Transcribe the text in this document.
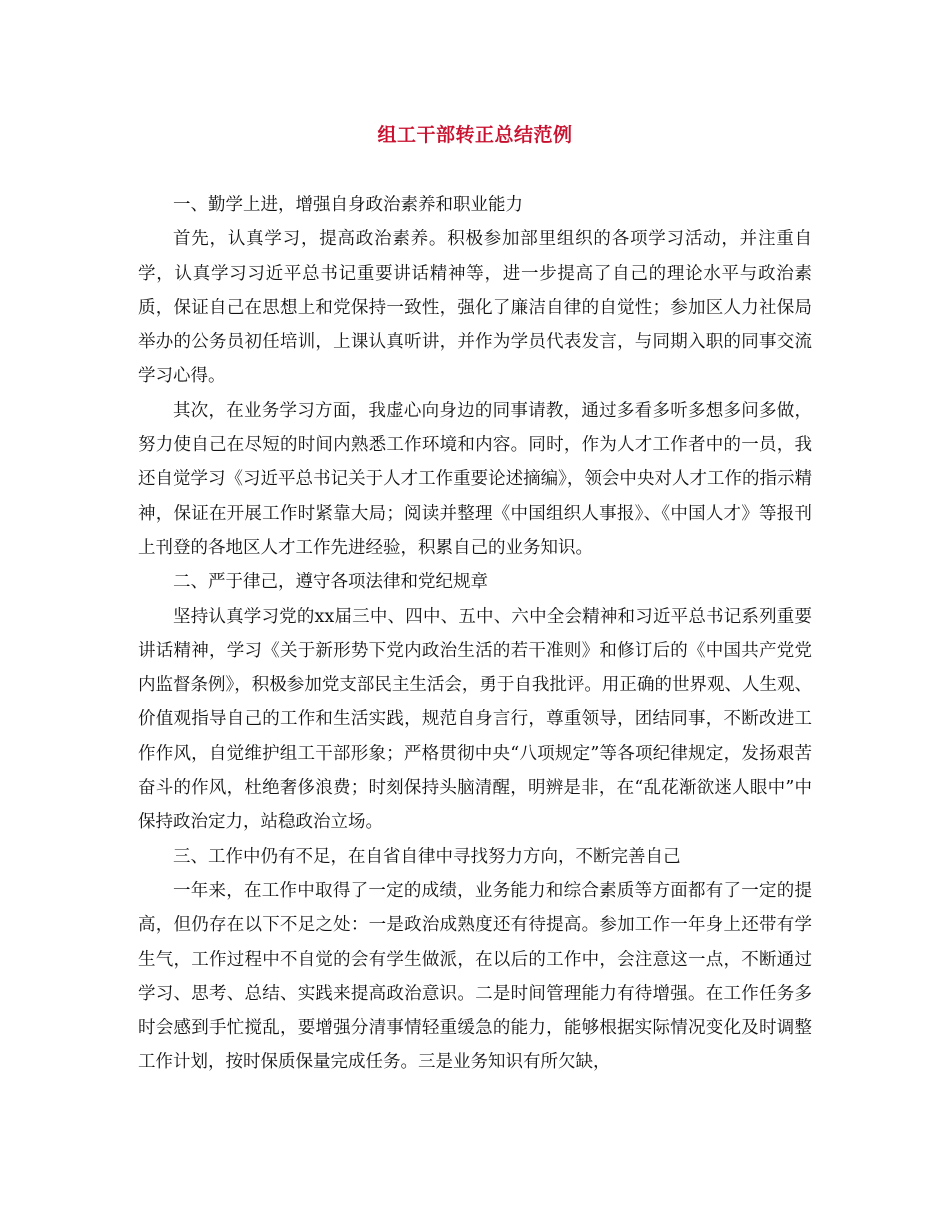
组工干部转正总结范例

一、勤学上进，增强自身政治素养和职业能力

首先，认真学习，提高政治素养。积极参加部里组织的各项学习活动，并注重自学，认真学习习近平总书记重要讲话精神等，进一步提高了自己的理论水平与政治素质，保证自己在思想上和党保持一致性，强化了廉洁自律的自觉性；参加区人力社保局举办的公务员初任培训，上课认真听讲，并作为学员代表发言，与同期入职的同事交流学习心得。

其次，在业务学习方面，我虚心向身边的同事请教，通过多看多听多想多问多做，努力使自己在尽短的时间内熟悉工作环境和内容。同时，作为人才工作者中的一员，我还自觉学习《习近平总书记关于人才工作重要论述摘编》，领会中央对人才工作的指示精神，保证在开展工作时紧靠大局；阅读并整理《中国组织人事报》、《中国人才》等报刊上刊登的各地区人才工作先进经验，积累自己的业务知识。

二、严于律己，遵守各项法律和党纪规章

坚持认真学习党的xx届三中、四中、五中、六中全会精神和习近平总书记系列重要讲话精神，学习《关于新形势下党内政治生活的若干准则》和修订后的《中国共产党党内监督条例》，积极参加党支部民主生活会，勇于自我批评。用正确的世界观、人生观、价值观指导自己的工作和生活实践，规范自身言行，尊重领导，团结同事，不断改进工作作风，自觉维护组工干部形象；严格贯彻中央“八项规定”等各项纪律规定，发扬艰苦奋斗的作风，杜绝奢侈浪费；时刻保持头脑清醒，明辨是非，在“乱花渐欲迷人眼中”中保持政治定力，站稳政治立场。

三、工作中仍有不足，在自省自律中寻找努力方向，不断完善自己

一年来，在工作中取得了一定的成绩，业务能力和综合素质等方面都有了一定的提高，但仍存在以下不足之处：一是政治成熟度还有待提高。参加工作一年身上还带有学生气，工作过程中不自觉的会有学生做派，在以后的工作中，会注意这一点，不断通过学习、思考、总结、实践来提高政治意识。二是时间管理能力有待增强。在工作任务多时会感到手忙搅乱，要增强分清事情轻重缓急的能力，能够根据实际情况变化及时调整工作计划，按时保质保量完成任务。三是业务知识有所欠缺，
